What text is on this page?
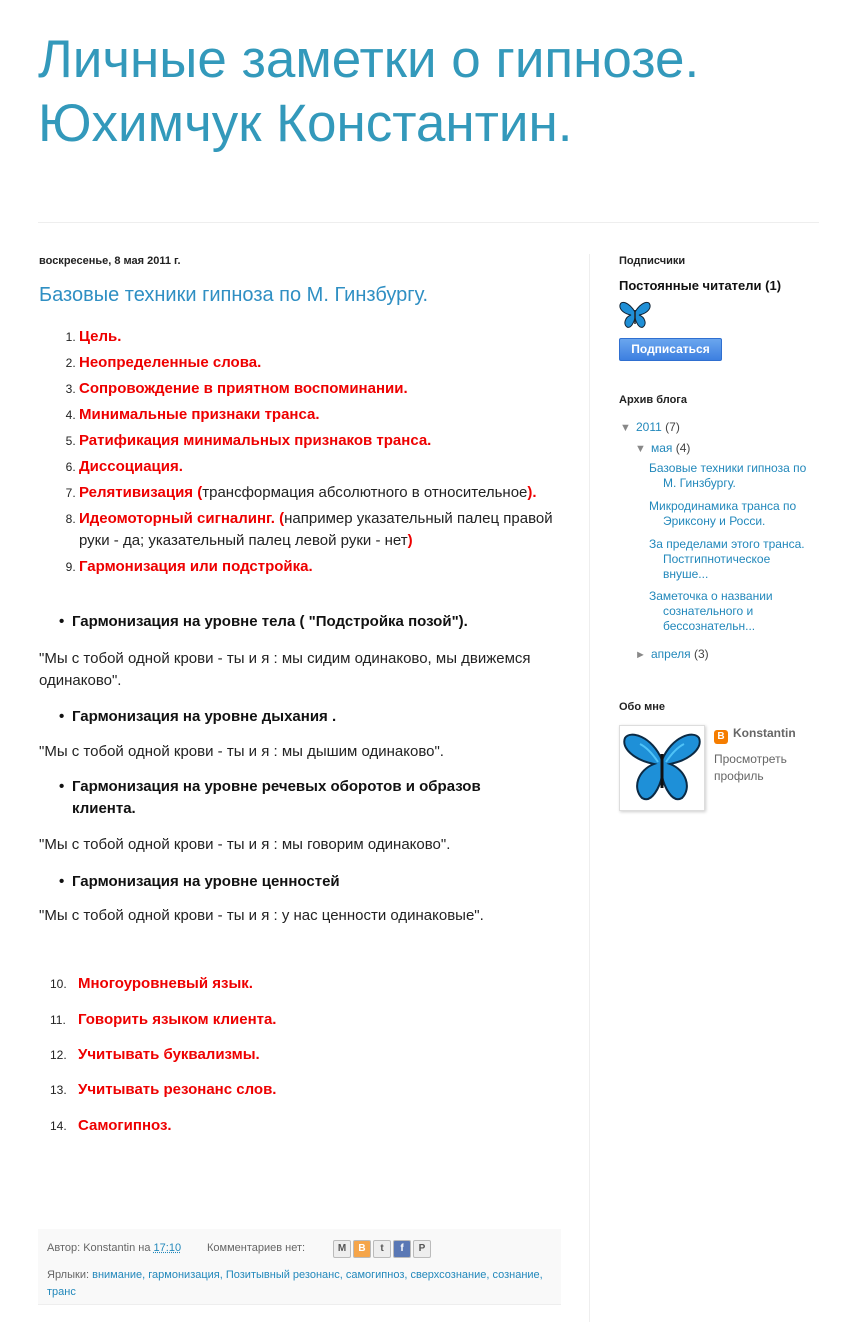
Личные заметки о гипнозе.
Юхимчук Константин.
воскресенье, 8 мая 2011 г.
Базовые техники гипноза по М. Гинзбургу.
1. Цель.
2. Неопределенные слова.
3. Сопровождение в приятном воспоминании.
4. Минимальные признаки транса.
5. Ратификация минимальных признаков транса.
6. Диссоциация.
7. Релятивизация (трансформация абсолютного в относительное).
8. Идеомоторный сигналинг. (например указательный палец правой руки - да; указательный палец левой руки - нет)
9. Гармонизация или подстройка.
• Гармонизация на уровне тела ( "Подстройка позой").
"Мы с тобой одной крови - ты и я : мы сидим одинаково, мы движемся одинаково".
• Гармонизация на уровне дыхания .
"Мы с тобой одной крови - ты и я : мы дышим одинаково".
• Гармонизация на уровне речевых оборотов и образов клиента.
"Мы с тобой одной крови - ты и я : мы говорим одинаково".
• Гармонизация на уровне ценностей
"Мы с тобой одной крови - ты и я : у нас ценности одинаковые".
10. Многоуровневый язык.
11. Говорить языком клиента.
12. Учитывать буквализмы.
13. Учитывать резонанс слов.
14. Самогипноз.
Автор: Konstantin на 17:10 Комментариев нет:	M	B	t	f	P
Ярлыки: внимание, гармонизация, Позитывный резонанс, самогипноз, сверхсознание, сознание,
транс
Подписчики
Постоянные читатели (1)
Подписаться
Архив блога
▼ 2011 (7)
▼ мая (4)
Базовые техники гипноза по
М. Гинзбургу.
Микродинамика транса по
Эриксону и Росси.
За пределами этого транса.
Постгипнотическое
внуше...
Заметочка о названии
сознательного и
бессознательн...
► апреля (3)
Обо мне
B Konstantin
Просмотреть профиль
